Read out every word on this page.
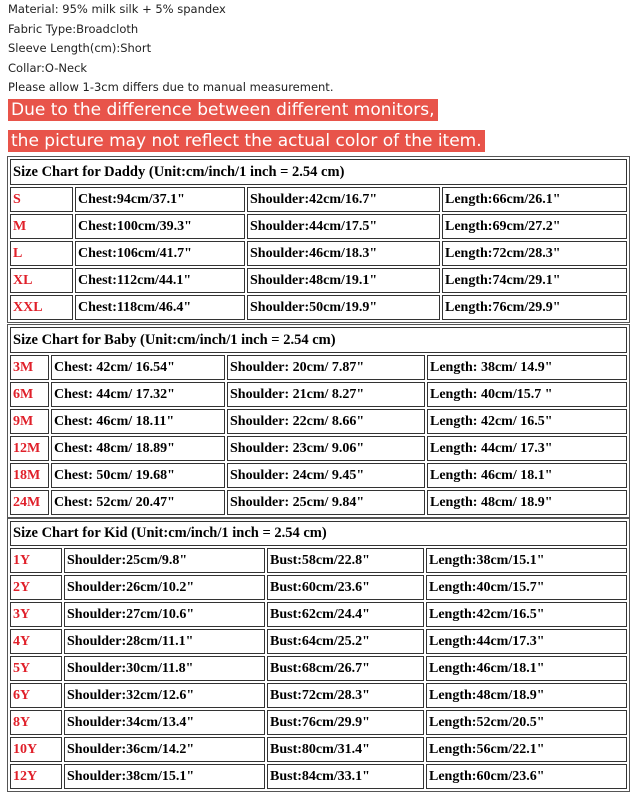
Material: 95% milk silk + 5% spandex
Fabric Type:Broadcloth
Sleeve Length(cm):Short
Collar:O-Neck
Please allow 1-3cm differs due to manual measurement.
Due to the difference between different monitors,
the picture may not reflect the actual color of the item.
Size Chart for Daddy (Unit:cm/inch/1 inch = 2.54 cm)			
S	Chest:94cm/37.1"	Shoulder:42cm/16.7"	Length:66cm/26.1"
M	Chest:100cm/39.3"	Shoulder:44cm/17.5"	Length:69cm/27.2"
L	Chest:106cm/41.7"	Shoulder:46cm/18.3"	Length:72cm/28.3"
XL	Chest:112cm/44.1"	Shoulder:48cm/19.1"	Length:74cm/29.1"
XXL	Chest:118cm/46.4"	Shoulder:50cm/19.9"	Length:76cm/29.9"
Size Chart for Baby (Unit:cm/inch/1 inch = 2.54 cm)			
3M	Chest: 42cm/ 16.54"	Shoulder: 20cm/ 7.87"	Length: 38cm/ 14.9"
6M	Chest: 44cm/ 17.32"	Shoulder: 21cm/ 8.27"	Length: 40cm/15.7 "
9M	Chest: 46cm/ 18.11"	Shoulder: 22cm/ 8.66"	Length: 42cm/ 16.5"
12M	Chest: 48cm/ 18.89"	Shoulder: 23cm/ 9.06"	Length: 44cm/ 17.3"
18M	Chest: 50cm/ 19.68"	Shoulder: 24cm/ 9.45"	Length: 46cm/ 18.1"
24M	Chest: 52cm/ 20.47"	Shoulder: 25cm/ 9.84"	Length: 48cm/ 18.9"
Size Chart for Kid (Unit:cm/inch/1 inch = 2.54 cm)			
1Y	Shoulder:25cm/9.8"	Bust:58cm/22.8"	Length:38cm/15.1"
2Y	Shoulder:26cm/10.2"	Bust:60cm/23.6"	Length:40cm/15.7"
3Y	Shoulder:27cm/10.6"	Bust:62cm/24.4"	Length:42cm/16.5"
4Y	Shoulder:28cm/11.1"	Bust:64cm/25.2"	Length:44cm/17.3"
5Y	Shoulder:30cm/11.8"	Bust:68cm/26.7"	Length:46cm/18.1"
6Y	Shoulder:32cm/12.6"	Bust:72cm/28.3"	Length:48cm/18.9"
8Y	Shoulder:34cm/13.4"	Bust:76cm/29.9"	Length:52cm/20.5"
10Y	Shoulder:36cm/14.2"	Bust:80cm/31.4"	Length:56cm/22.1"
12Y	Shoulder:38cm/15.1"	Bust:84cm/33.1"	Length:60cm/23.6"
